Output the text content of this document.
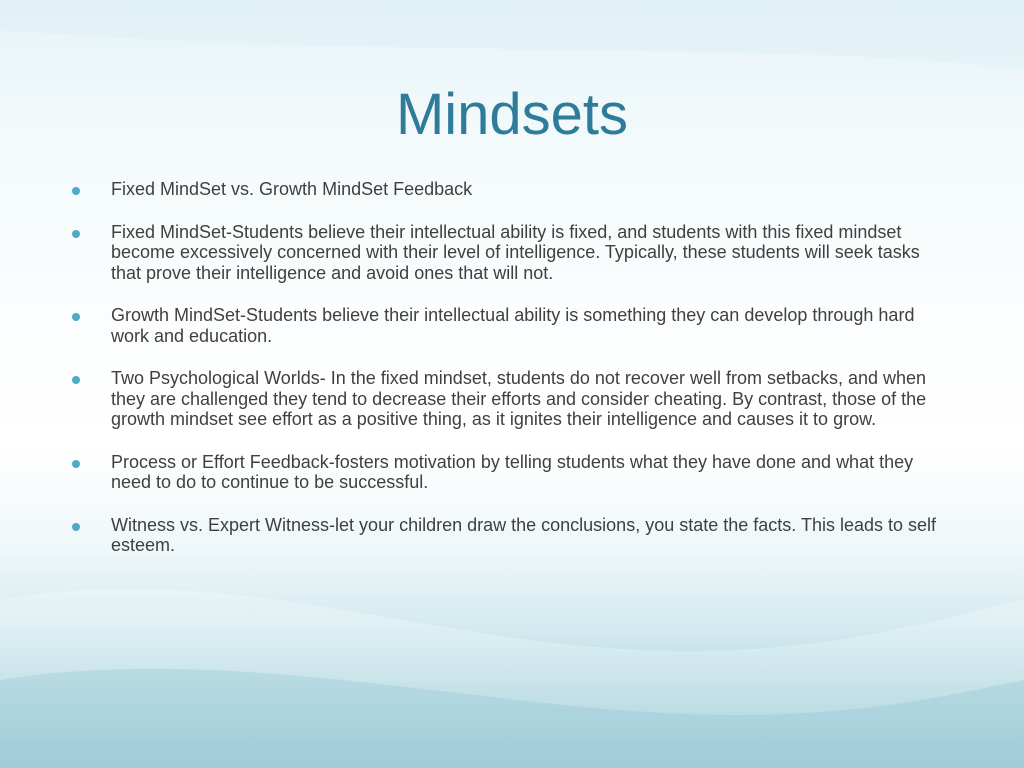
Mindsets
Fixed MindSet vs. Growth MindSet Feedback
Fixed MindSet-Students believe their intellectual ability is fixed, and students with this fixed mindset become excessively concerned with their level of intelligence. Typically, these students will seek tasks that prove their intelligence and avoid ones that will not.
Growth MindSet-Students believe their intellectual ability is something they can develop through hard work and education.
Two Psychological Worlds- In the fixed mindset, students do not recover well from setbacks, and when they are challenged they tend to decrease their efforts and consider cheating. By contrast, those of the growth mindset see effort as a positive thing, as it ignites their intelligence and causes it to grow.
Process or Effort Feedback-fosters motivation by telling students what they have done and what they need to do to continue to be successful.
Witness vs. Expert Witness-let your children draw the conclusions, you state the facts. This leads to self esteem.
